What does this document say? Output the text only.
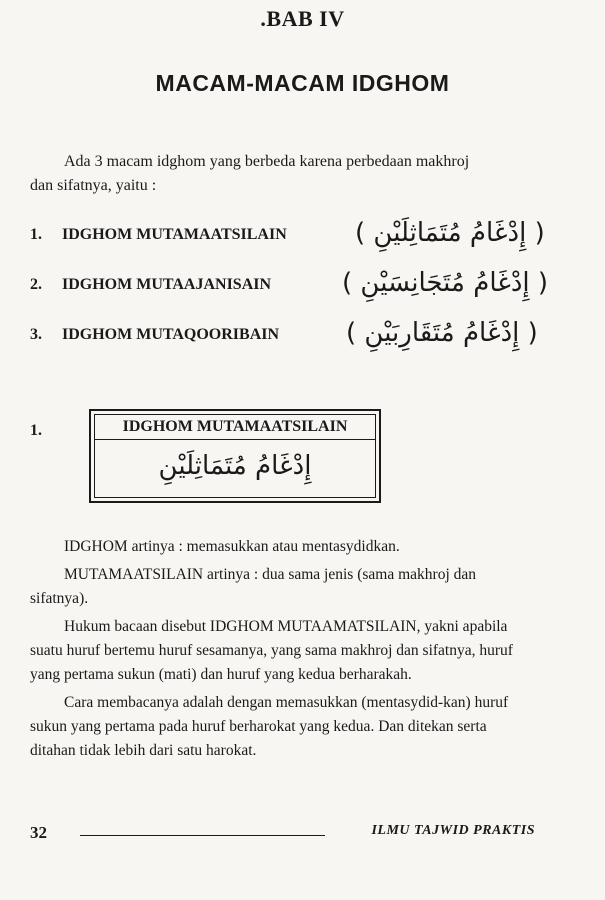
.BAB IV
MACAM-MACAM IDGHOM
Ada 3 macam idghom yang berbeda karena perbedaan makhroj
dan sifatnya, yaitu :
1. IDGHOM MUTAMAATSILAIN	( إِدْغَامُ مُتَمَاثِلَيْنِ )
2. IDGHOM MUTAAJANISAIN	( إِدْغَامُ مُتَجَانِسَيْنِ )
3. IDGHOM MUTAQOORIBAIN	( إِدْغَامُ مُتَقَارِبَيْنِ )
1.	IDGHOM MUTAMAATSILAIN
إِدْغَامُ مُتَمَاثِلَيْنِ

IDGHOM artinya : memasukkan atau mentasydidkan.

MUTAMAATSILAIN artinya : dua sama jenis (sama makhroj dan sifatnya).

Hukum bacaan disebut IDGHOM MUTAAMATSILAIN, yakni apabila suatu huruf bertemu huruf sesamanya, yang sama makhroj dan sifatnya, huruf yang pertama sukun (mati) dan huruf yang kedua berharakah.

Cara membacanya adalah dengan memasukkan (mentasydid-kan) huruf sukun yang pertama pada huruf berharokat yang kedua. Dan ditekan serta ditahan tidak lebih dari satu harokat.

32	ILMU TAJWID PRAKTIS
